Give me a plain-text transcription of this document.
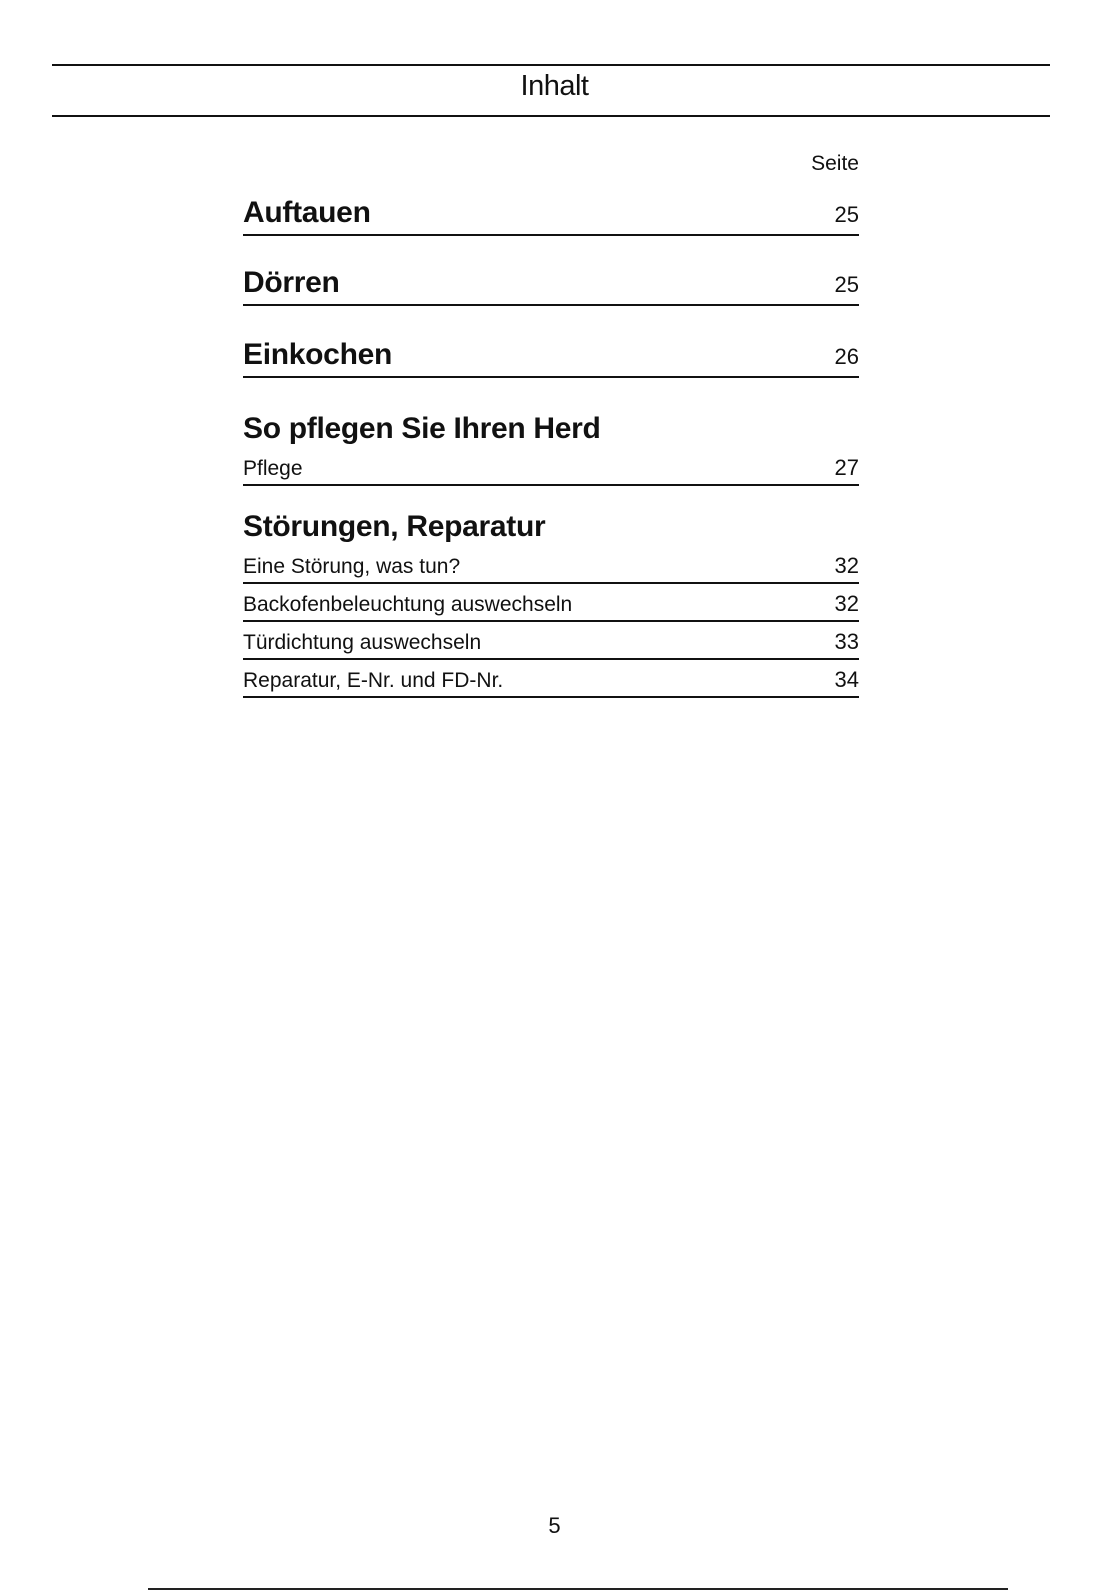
Inhalt
Seite
Auftauen	25
Dörren	25
Einkochen	26
So pflegen Sie Ihren Herd
Pflege	27
Störungen, Reparatur
Eine Störung, was tun?	32
Backofenbeleuchtung auswechseln	32
Türdichtung auswechseln	33
Reparatur, E-Nr. und FD-Nr.	34
5
